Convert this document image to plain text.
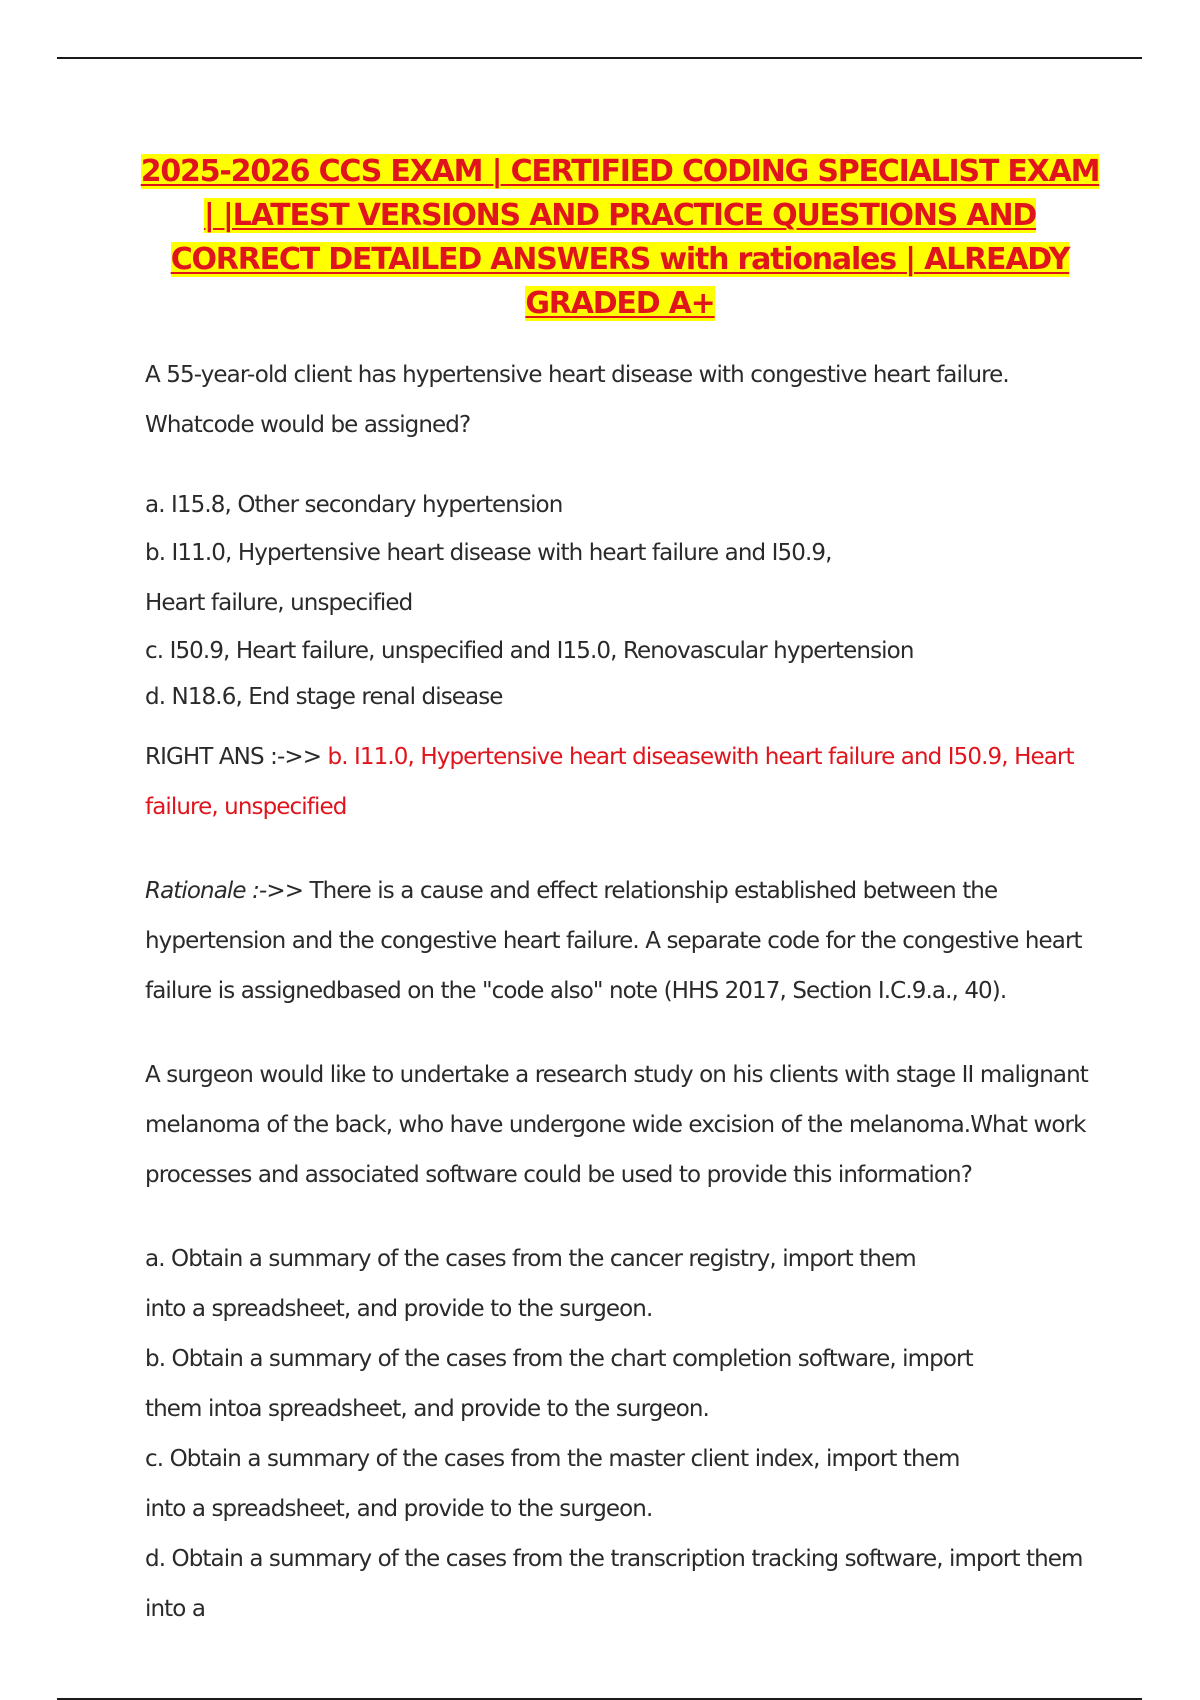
2025-2026 CCS EXAM | CERTIFIED CODING SPECIALIST EXAM | |LATEST VERSIONS AND PRACTICE QUESTIONS AND CORRECT DETAILED ANSWERS with rationales | ALREADY GRADED A+

A 55-year-old client has hypertensive heart disease with congestive heart failure. Whatcode would be assigned?

a. I15.8, Other secondary hypertension

b. I11.0, Hypertensive heart disease with heart failure and I50.9, Heart failure, unspecified

c. I50.9, Heart failure, unspecified and I15.0, Renovascular hypertension

d. N18.6, End stage renal disease

RIGHT ANS :->> b. I11.0, Hypertensive heart diseasewith heart failure and I50.9, Heart failure, unspecified

Rationale :->> There is a cause and effect relationship established between the hypertension and the congestive heart failure. A separate code for the congestive heart failure is assignedbased on the "code also" note (HHS 2017, Section I.C.9.a., 40).

A surgeon would like to undertake a research study on his clients with stage II malignant melanoma of the back, who have undergone wide excision of the melanoma.What work processes and associated software could be used to provide this information?

a. Obtain a summary of the cases from the cancer registry, import them into a spreadsheet, and provide to the surgeon.

b. Obtain a summary of the cases from the chart completion software, import them intoa spreadsheet, and provide to the surgeon.

c. Obtain a summary of the cases from the master client index, import them into a spreadsheet, and provide to the surgeon.

d. Obtain a summary of the cases from the transcription tracking software, import them into a
